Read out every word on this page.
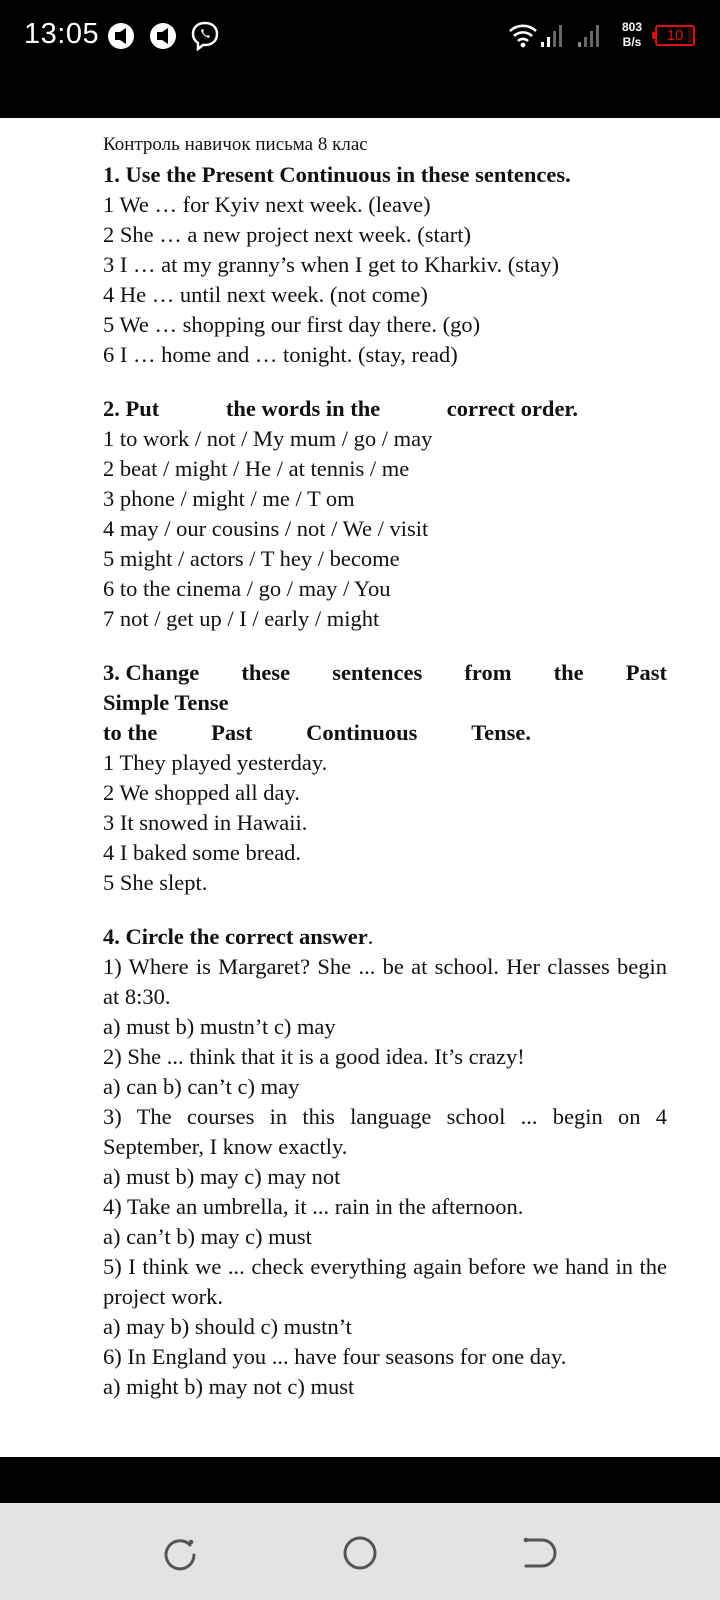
13:05	803
B/s	10
Контроль навичок письма 8 клас
1. Use the Present Continuous in these sentences.
1 We … for Kyiv next week. (leave)
2 She … a new project next week. (start)
3 I … at my granny’s when I get to Kharkiv. (stay)
4 He … until next week. (not come)
5 We … shopping our first day there. (go)
6 I … home and … tonight. (stay, read)
2. Put	the words in the	correct order.
1 to work / not / My mum / go / may
2 beat / might / He / at tennis / me
3 phone / might / me / T om
4 may / our cousins / not / We / visit
5 might / actors / T hey / become
6 to the cinema / go / may / You
7 not / get up / I / early / might
3. Change these sentences from the Past
Simple Tense
to the Past Continuous Tense.
1 They played yesterday.
2 We shopped all day.
3 It snowed in Hawaii.
4 I baked some bread.
5 She slept.
4. Circle the correct answer.
1) Where is Margaret? She ... be at school. Her classes begin at 8:30.
a) must b) mustn’t c) may
2) She ... think that it is a good idea. It’s crazy!
a) can b) can’t c) may
3) The courses in this language school ... begin on 4 September, I know exactly.
a) must b) may c) may not
4) Take an umbrella, it ... rain in the afternoon.
a) can’t b) may c) must
5) I think we ... check everything again before we hand in the project work.
a) may b) should c) mustn’t
6) In England you ... have four seasons for one day.
a) might b) may not c) must
